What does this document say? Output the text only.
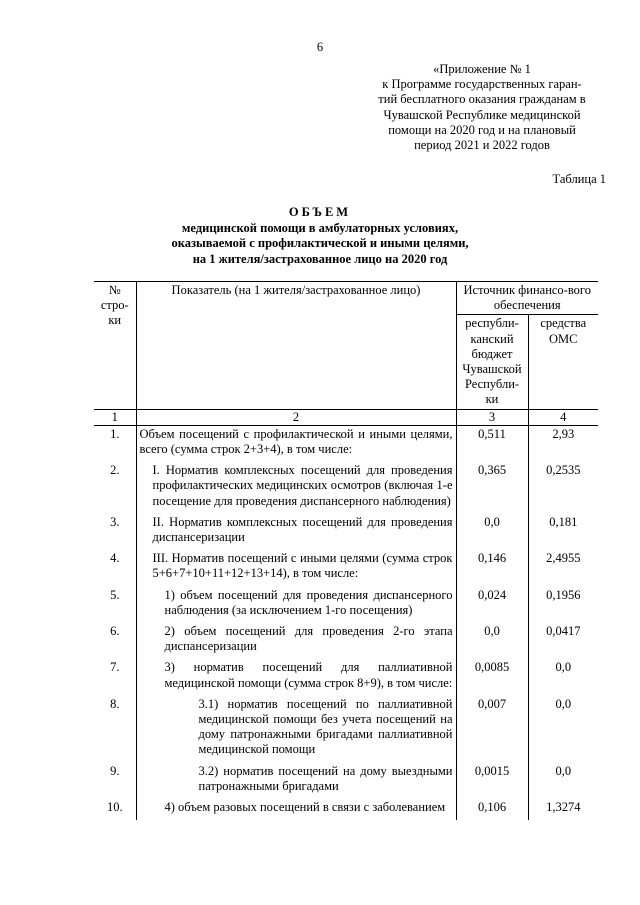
6
«Приложение № 1
к Программе государственных гаран-
тий бесплатного оказания гражданам в
Чувашской Республике медицинской
помощи на 2020 год и на плановый
период 2021 и 2022 годов
Таблица 1
ОБЪЕМ
медицинской помощи в амбулаторных условиях,
оказываемой с профилактической и иными целями,
на 1 жителя/застрахованное лицо на 2020 год
№ стро-ки	Показатель (на 1 жителя/застрахованное лицо)	Источник финансо-вого обеспечения	
		республи-канский бюджет Чувашской Республи-ки	средства ОМС
1	2	3	4
1.	Объем посещений с профилактической и иными целями, всего (сумма строк 2+3+4), в том числе:	0,511	2,93
2.	I. Норматив комплексных посещений для проведения профилактических медицинских осмотров (включая 1-е посещение для проведения диспансерного наблюдения)	0,365	0,2535
3.	II. Норматив комплексных посещений для проведения диспансеризации	0,0	0,181
4.	III. Норматив посещений с иными целями (сумма строк 5+6+7+10+11+12+13+14), в том числе:	0,146	2,4955
5.	1) объем посещений для проведения диспансерного наблюдения (за исключением 1-го посещения)	0,024	0,1956
6.	2) объем посещений для проведения 2-го этапа диспансеризации	0,0	0,0417
7.	3) норматив посещений для паллиативной медицинской помощи (сумма строк 8+9), в том числе:	0,0085	0,0
8.	3.1) норматив посещений по паллиативной медицинской помощи без учета посещений на дому патронажными бригадами паллиативной медицинской помощи	0,007	0,0
9.	3.2) норматив посещений на дому выездными патронажными бригадами	0,0015	0,0
10.	4) объем разовых посещений в связи с заболеванием	0,106	1,3274
